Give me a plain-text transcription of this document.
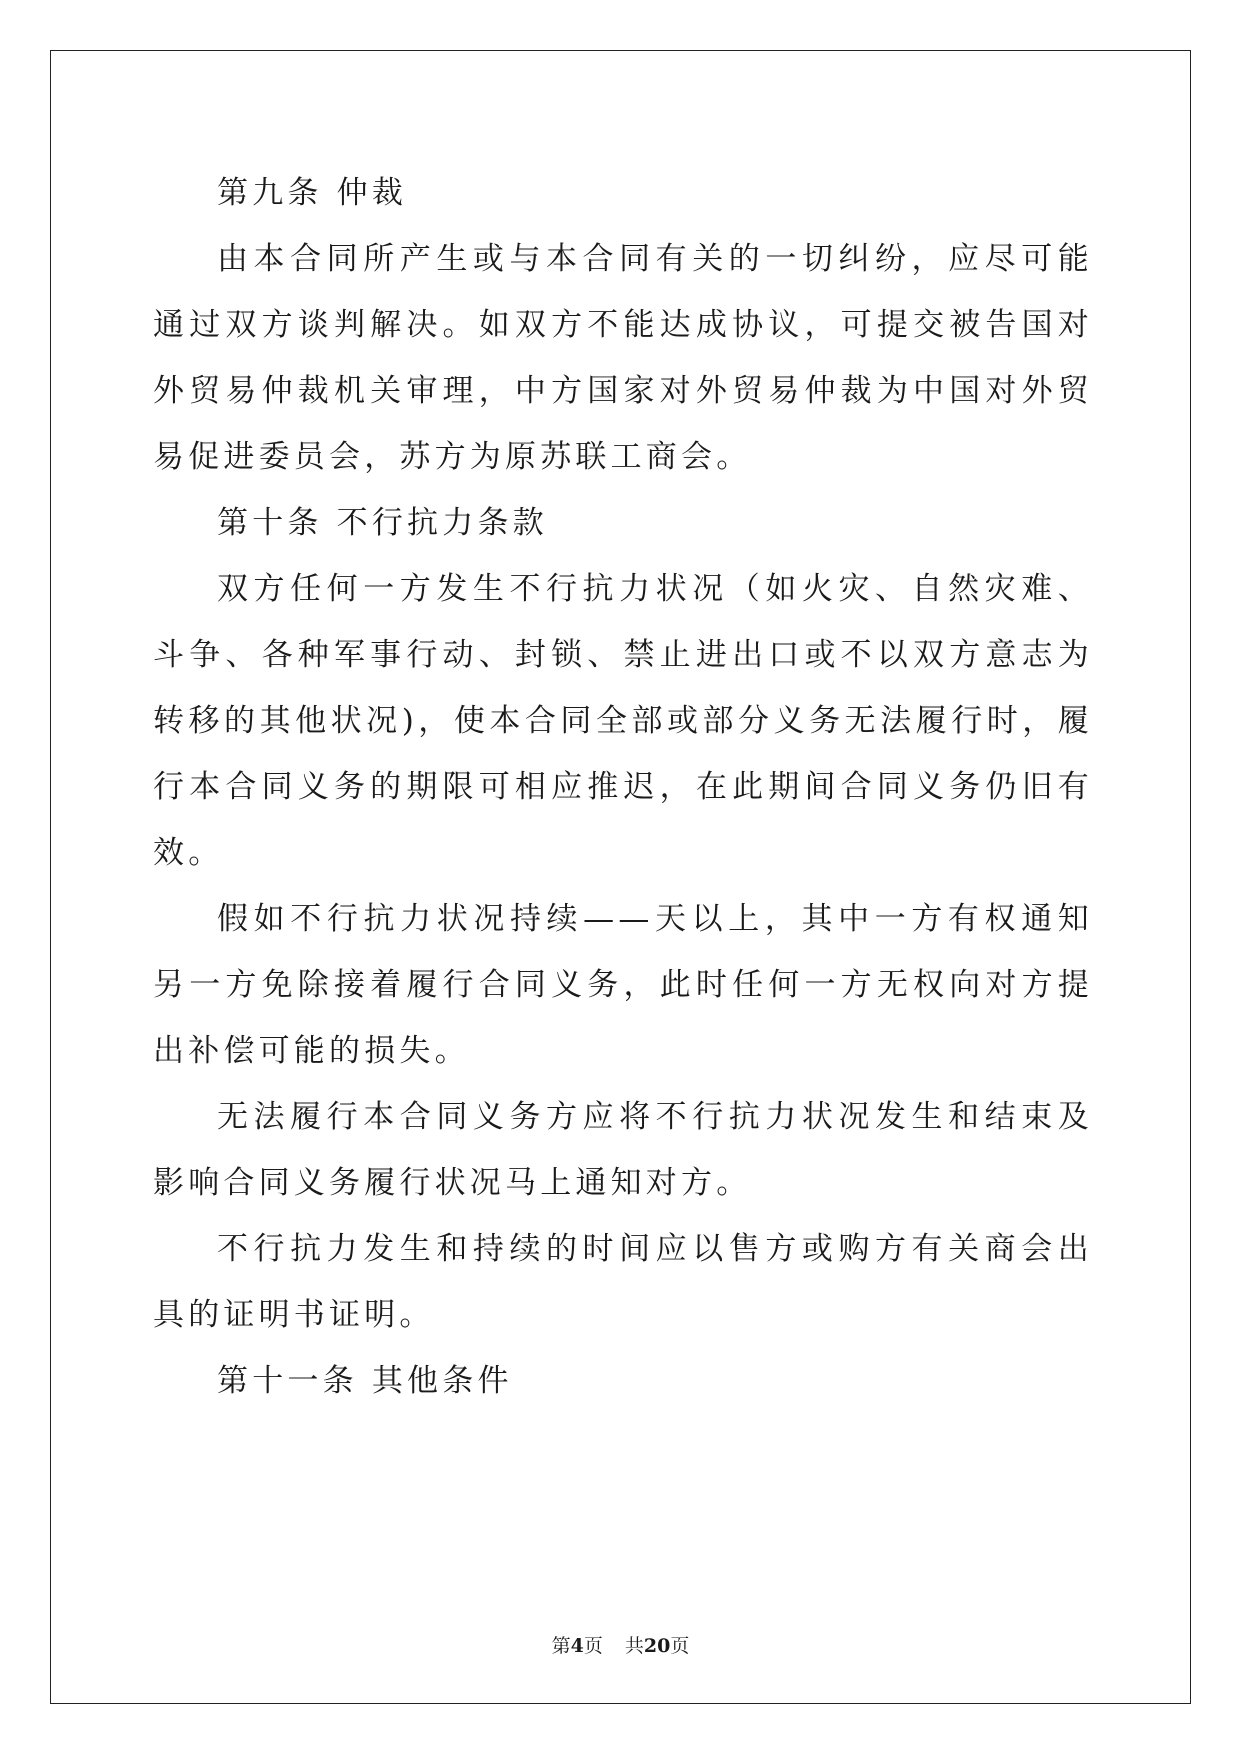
第九条 仲裁

由本合同所产生或与本合同有关的一切纠纷，应尽可能通过双方谈判解决。如双方不能达成协议，可提交被告国对外贸易仲裁机关审理，中方国家对外贸易仲裁为中国对外贸易促进委员会，苏方为原苏联工商会。

第十条 不行抗力条款

双方任何一方发生不行抗力状况（如火灾、自然灾难、斗争、各种军事行动、封锁、禁止进出口或不以双方意志为转移的其他状况)，使本合同全部或部分义务无法履行时，履行本合同义务的期限可相应推迟，在此期间合同义务仍旧有效。

假如不行抗力状况持续——天以上，其中一方有权通知另一方免除接着履行合同义务，此时任何一方无权向对方提出补偿可能的损失。

无法履行本合同义务方应将不行抗力状况发生和结束及影响合同义务履行状况马上通知对方。

不行抗力发生和持续的时间应以售方或购方有关商会出具的证明书证明。

第十一条 其他条件

第4页 共20页
